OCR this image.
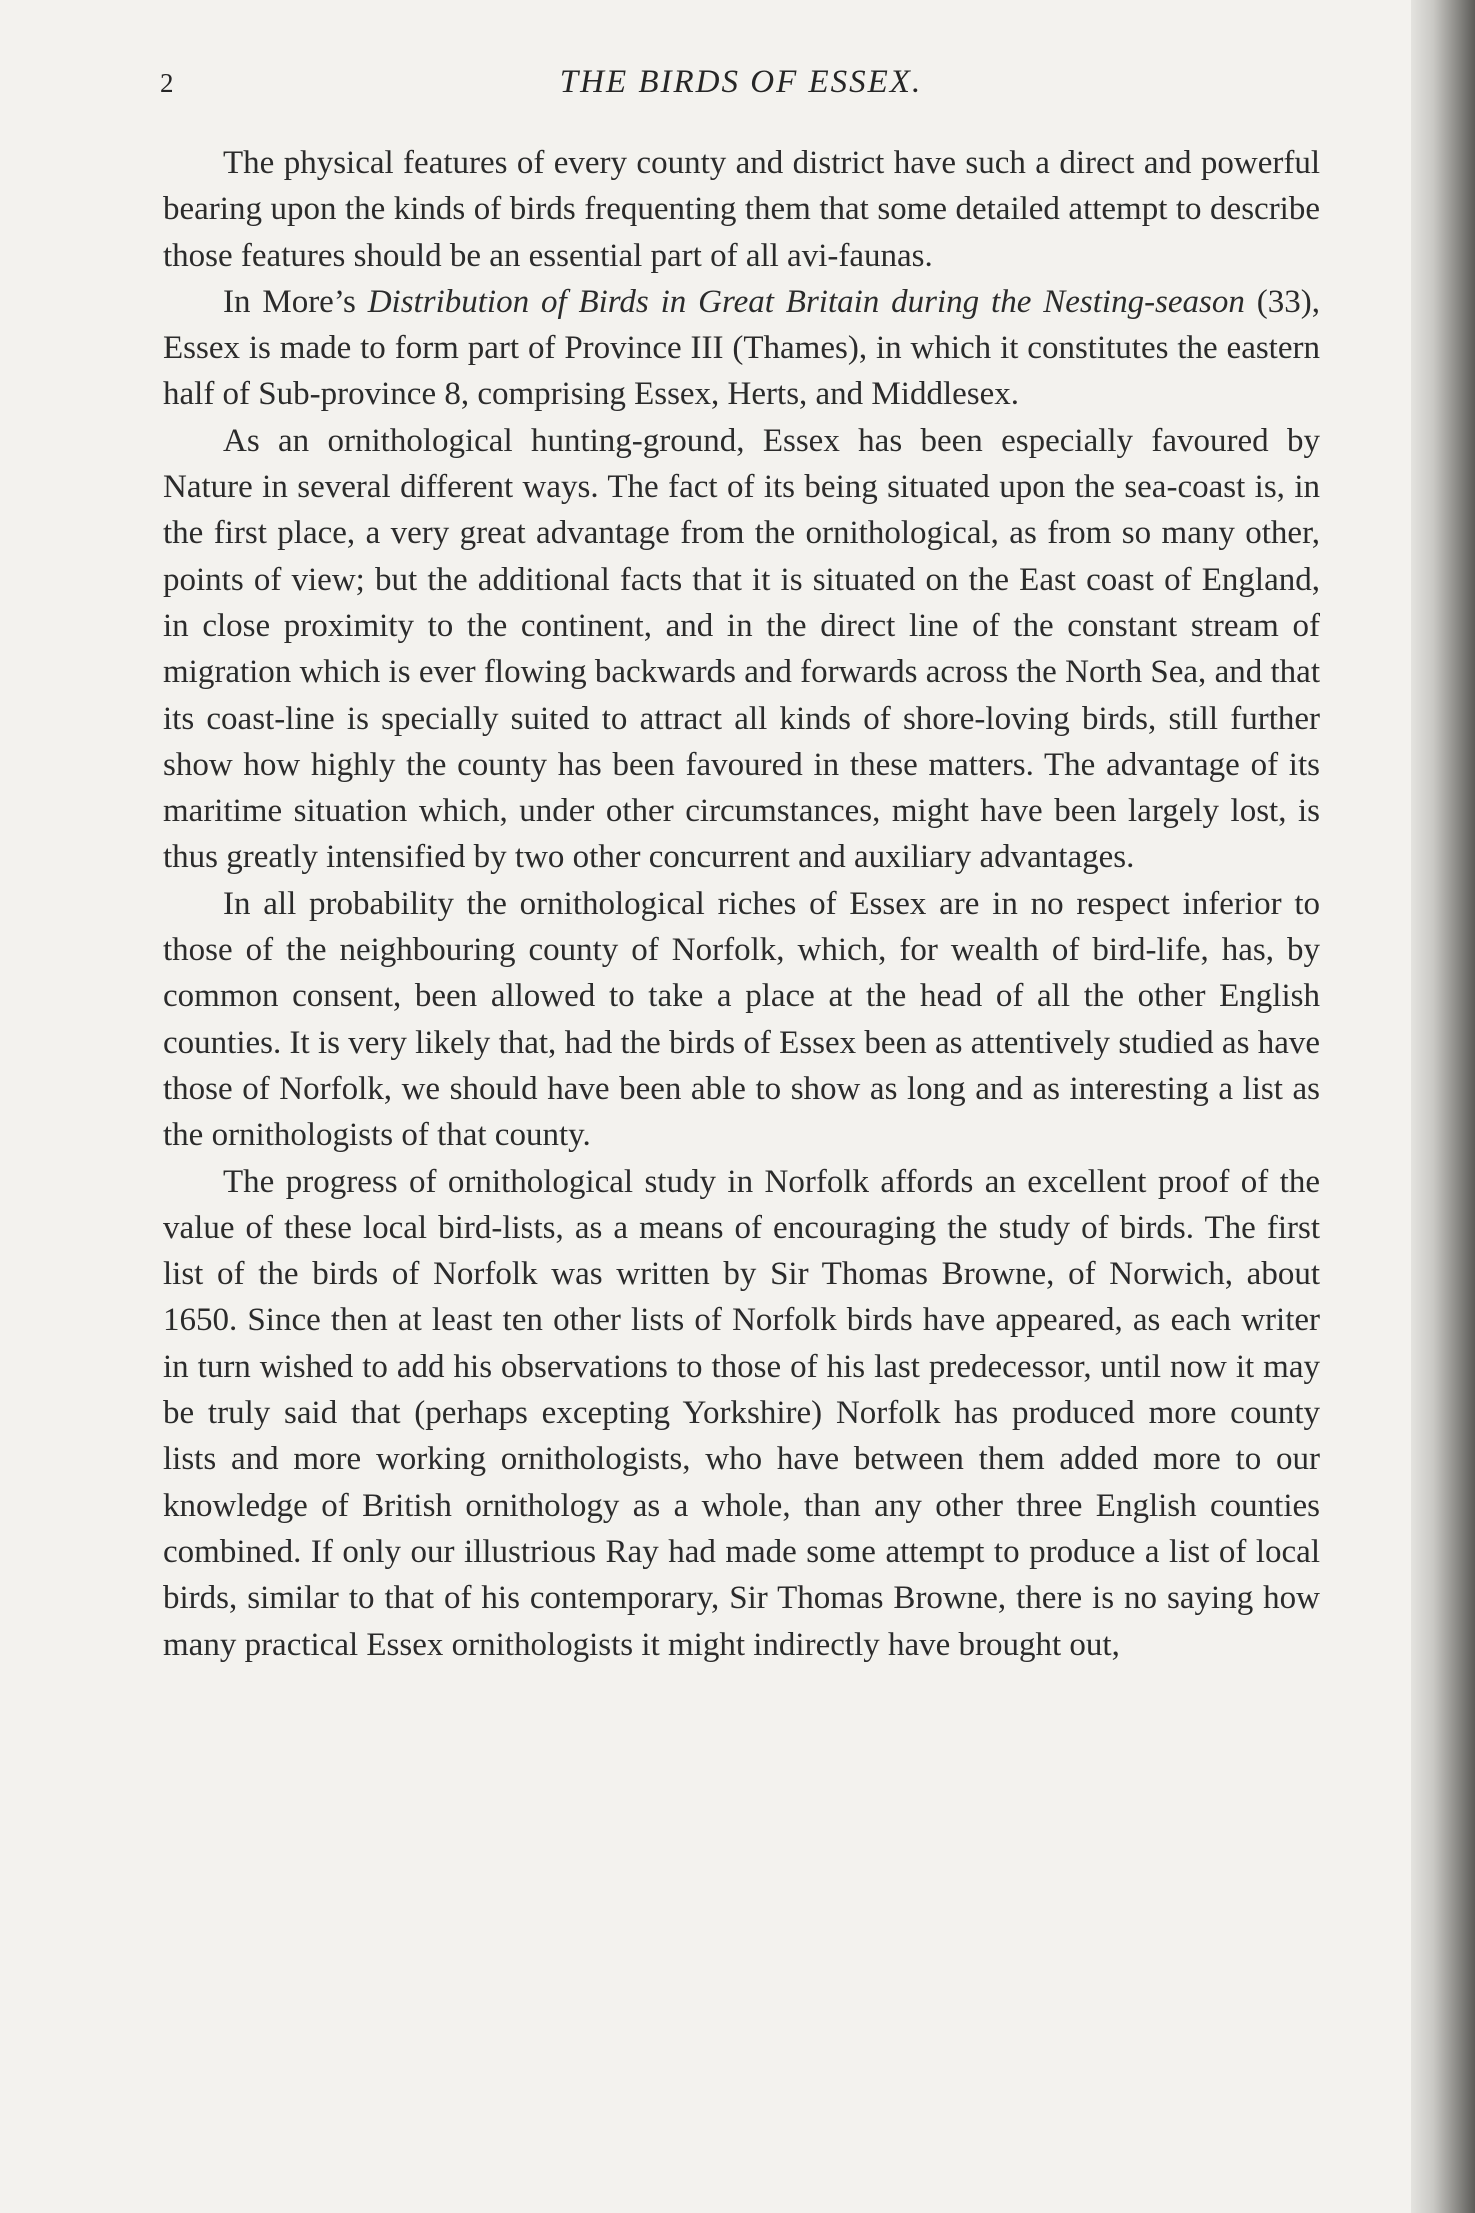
2	THE BIRDS OF ESSEX.

The physical features of every county and district have such a direct and powerful bearing upon the kinds of birds frequenting them that some detailed attempt to describe those features should be an essential part of all avi-faunas.

In More’s Distribution of Birds in Great Britain during the Nesting-season (33), Essex is made to form part of Province III (Thames), in which it constitutes the eastern half of Sub-province 8, comprising Essex, Herts, and Middlesex.

As an ornithological hunting-ground, Essex has been especially favoured by Nature in several different ways. The fact of its being situated upon the sea-coast is, in the first place, a very great advantage from the ornithological, as from so many other, points of view; but the additional facts that it is situated on the East coast of England, in close proximity to the continent, and in the direct line of the constant stream of migration which is ever flowing backwards and forwards across the North Sea, and that its coast-line is specially suited to attract all kinds of shore-loving birds, still further show how highly the county has been favoured in these matters. The advantage of its maritime situation which, under other circumstances, might have been largely lost, is thus greatly intensified by two other concurrent and auxiliary advantages.

In all probability the ornithological riches of Essex are in no respect inferior to those of the neighbouring county of Norfolk, which, for wealth of bird-life, has, by common consent, been allowed to take a place at the head of all the other English counties. It is very likely that, had the birds of Essex been as attentively studied as have those of Norfolk, we should have been able to show as long and as interesting a list as the ornithologists of that county.

The progress of ornithological study in Norfolk affords an excellent proof of the value of these local bird-lists, as a means of encouraging the study of birds. The first list of the birds of Norfolk was written by Sir Thomas Browne, of Norwich, about 1650. Since then at least ten other lists of Norfolk birds have appeared, as each writer in turn wished to add his observations to those of his last predecessor, until now it may be truly said that (perhaps excepting Yorkshire) Norfolk has produced more county lists and more working ornithologists, who have between them added more to our knowledge of British ornithology as a whole, than any other three English counties combined. If only our illustrious Ray had made some attempt to produce a list of local birds, similar to that of his contemporary, Sir Thomas Browne, there is no saying how many practical Essex ornithologists it might indirectly have brought out,
